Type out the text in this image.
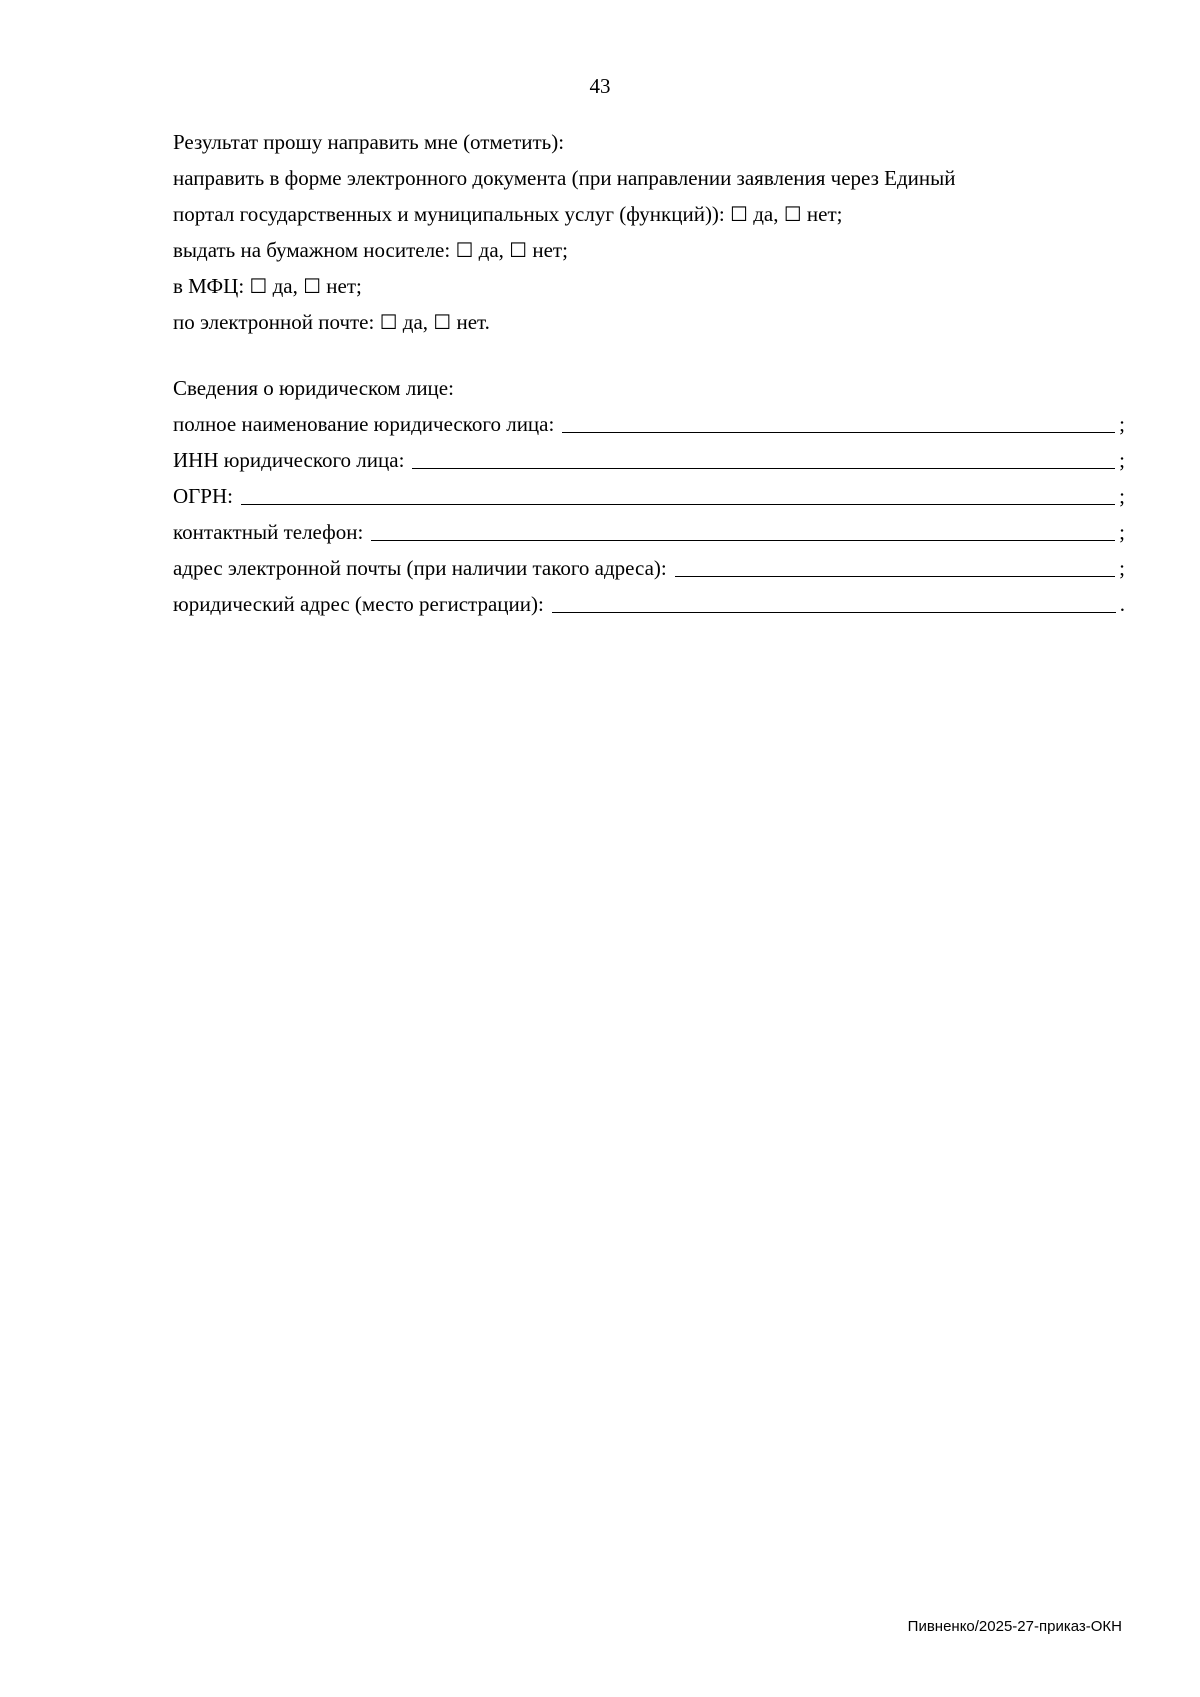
43
Результат прошу направить мне (отметить):
направить в форме электронного документа (при направлении заявления через Единый
портал государственных и муниципальных услуг (функций)): ☐ да, ☐ нет;
выдать на бумажном носителе: ☐ да, ☐ нет;
в МФЦ: ☐ да, ☐ нет;
по электронной почте: ☐ да, ☐ нет.
Сведения о юридическом лице:
полное наименование юридического лица:	;
ИНН юридического лица:	;
ОГРН:	;
контактный телефон:	;
адрес электронной почты (при наличии такого адреса):	;
юридический адрес (место регистрации):	.
Пивненко/2025-27-приказ-ОКН
